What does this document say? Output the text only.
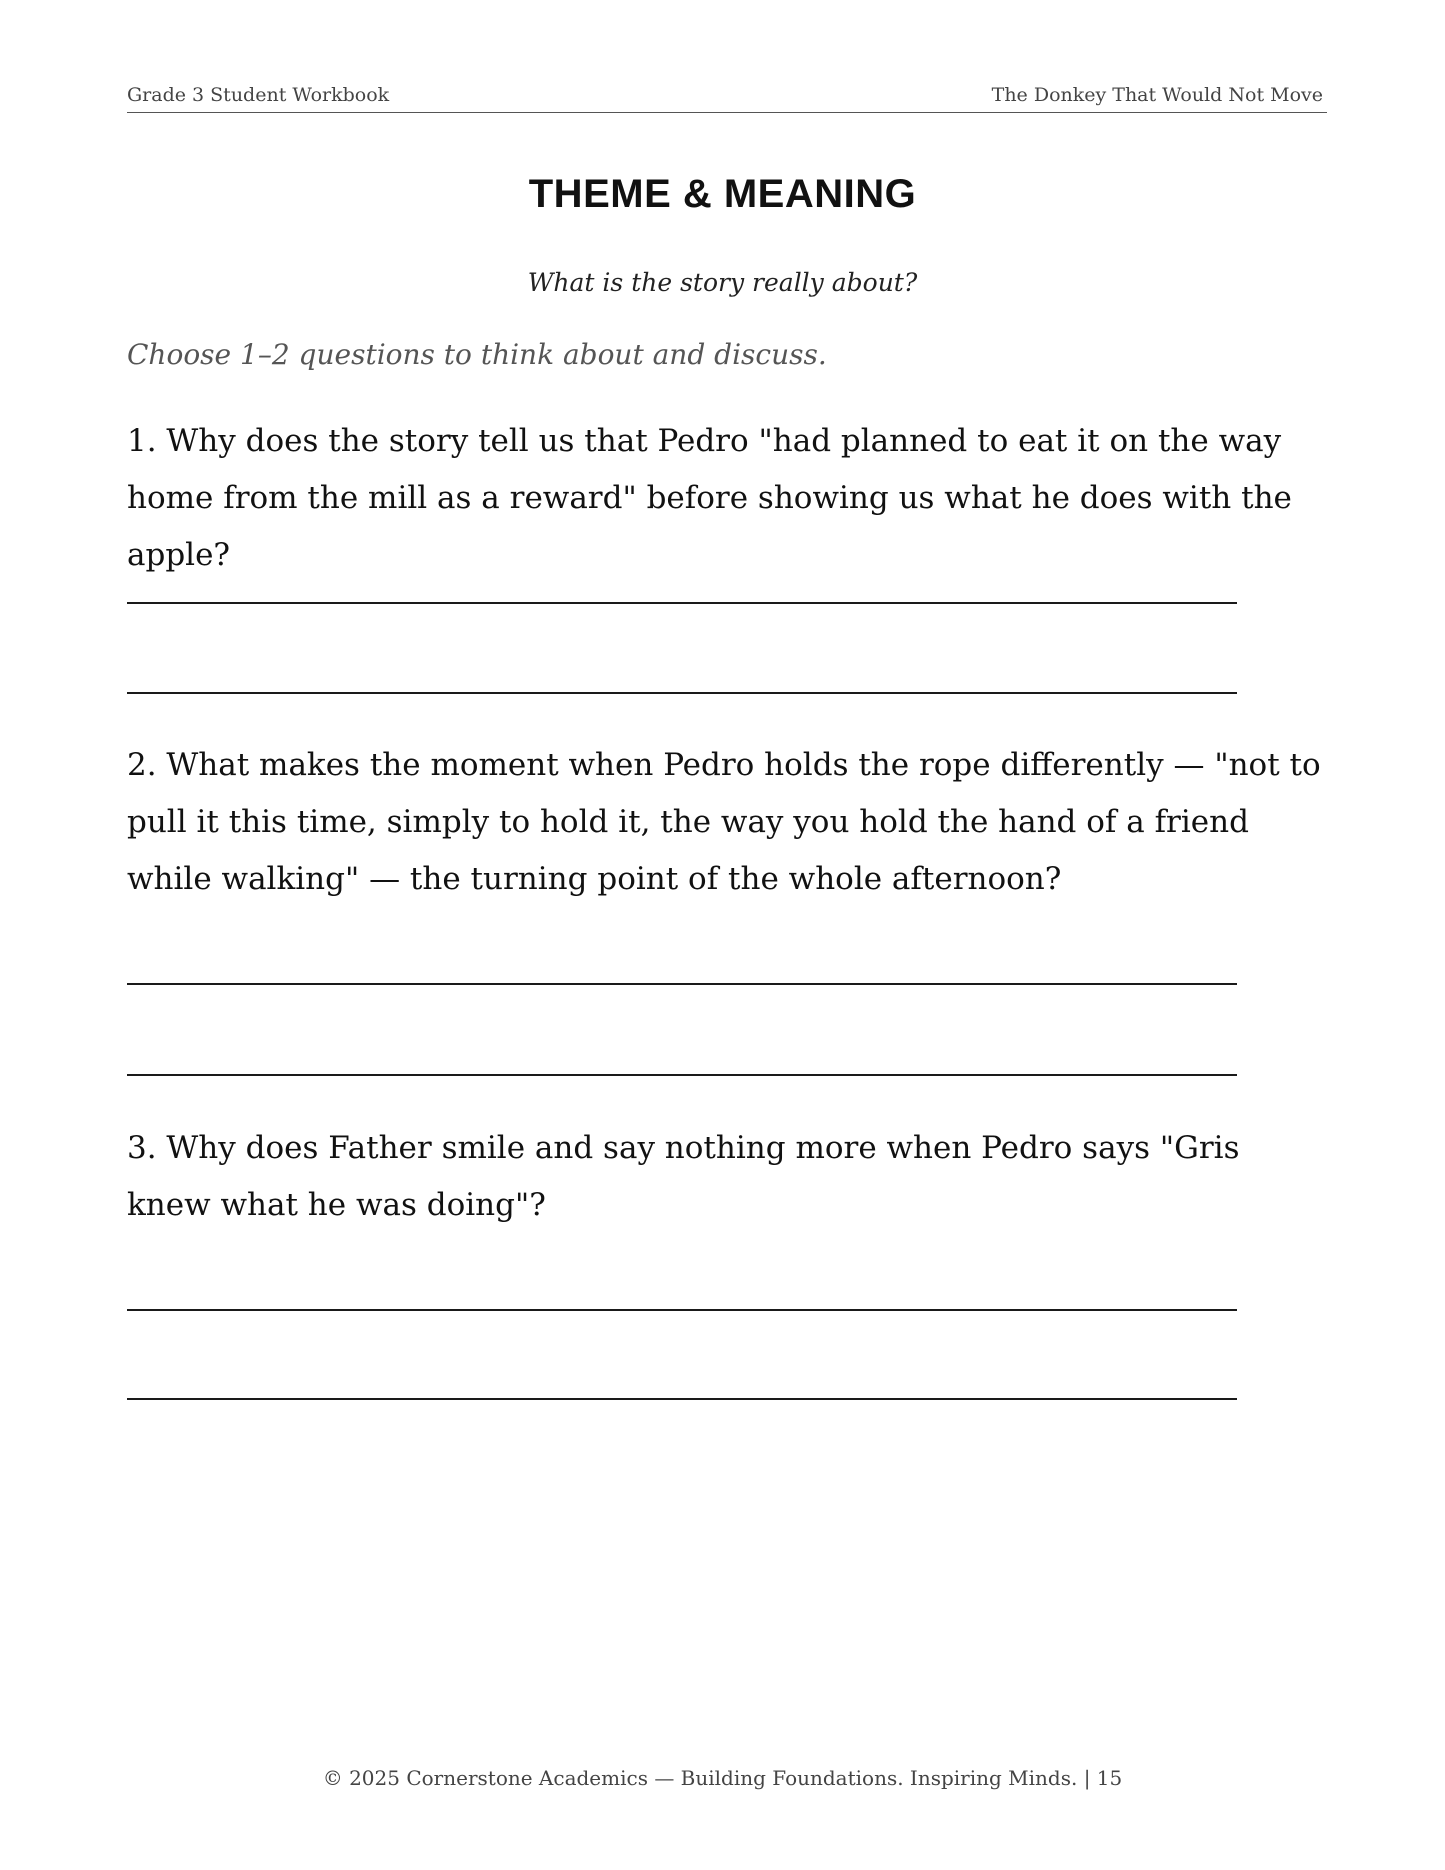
Grade 3 Student Workbook	The Donkey That Would Not Move
THEME & MEANING
What is the story really about?
Choose 1–2 questions to think about and discuss.
1. Why does the story tell us that Pedro "had planned to eat it on the way home from the mill as a reward" before showing us what he does with the apple?
2. What makes the moment when Pedro holds the rope differently — "not to pull it this time, simply to hold it, the way you hold the hand of a friend while walking" — the turning point of the whole afternoon?
3. Why does Father smile and say nothing more when Pedro says "Gris knew what he was doing"?
© 2025 Cornerstone Academics — Building Foundations. Inspiring Minds. | 15
